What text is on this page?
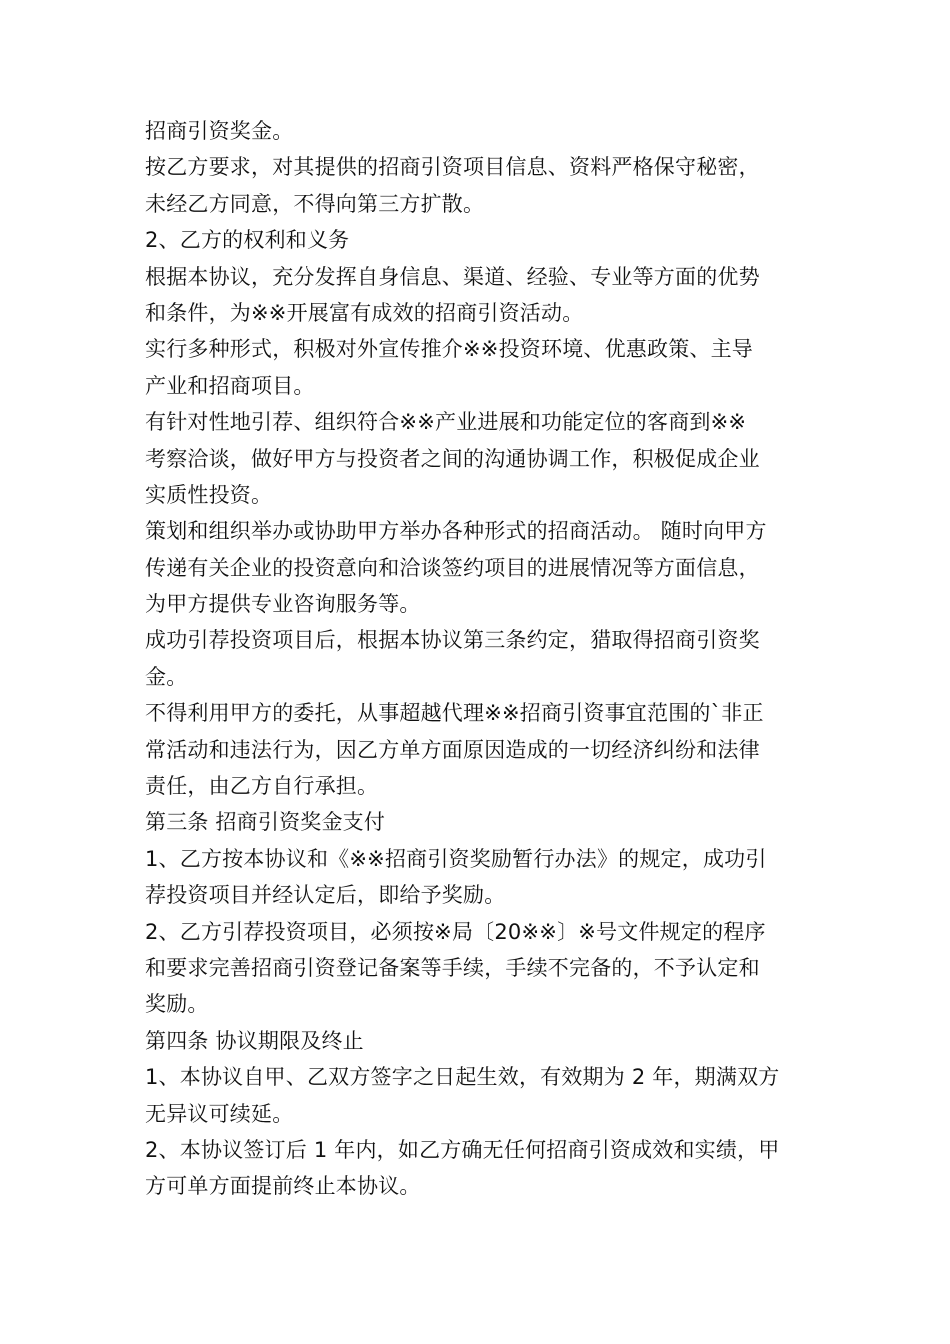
招商引资奖金。
按乙方要求，对其提供的招商引资项目信息、资料严格保守秘密，
未经乙方同意，不得向第三方扩散。
2、乙方的权利和义务
根据本协议，充分发挥自身信息、渠道、经验、专业等方面的优势
和条件，为※※开展富有成效的招商引资活动。
实行多种形式，积极对外宣传推介※※投资环境、优惠政策、主导
产业和招商项目。
有针对性地引荐、组织符合※※产业进展和功能定位的客商到※※
考察洽谈，做好甲方与投资者之间的沟通协调工作，积极促成企业
实质性投资。
策划和组织举办或协助甲方举办各种形式的招商活动。 随时向甲方
传递有关企业的投资意向和洽谈签约项目的进展情况等方面信息，
为甲方提供专业咨询服务等。
成功引荐投资项目后，根据本协议第三条约定，猎取得招商引资奖
金。
不得利用甲方的委托，从事超越代理※※招商引资事宜范围的`非正
常活动和违法行为，因乙方单方面原因造成的一切经济纠纷和法律
责任，由乙方自行承担。
第三条 招商引资奖金支付
1、乙方按本协议和《※※招商引资奖励暂行办法》的规定，成功引
荐投资项目并经认定后，即给予奖励。
2、乙方引荐投资项目，必须按※局〔20※※〕※号文件规定的程序
和要求完善招商引资登记备案等手续，手续不完备的，不予认定和
奖励。
第四条 协议期限及终止
1、本协议自甲、乙双方签字之日起生效，有效期为 2 年，期满双方
无异议可续延。
2、本协议签订后 1 年内，如乙方确无任何招商引资成效和实绩，甲
方可单方面提前终止本协议。
